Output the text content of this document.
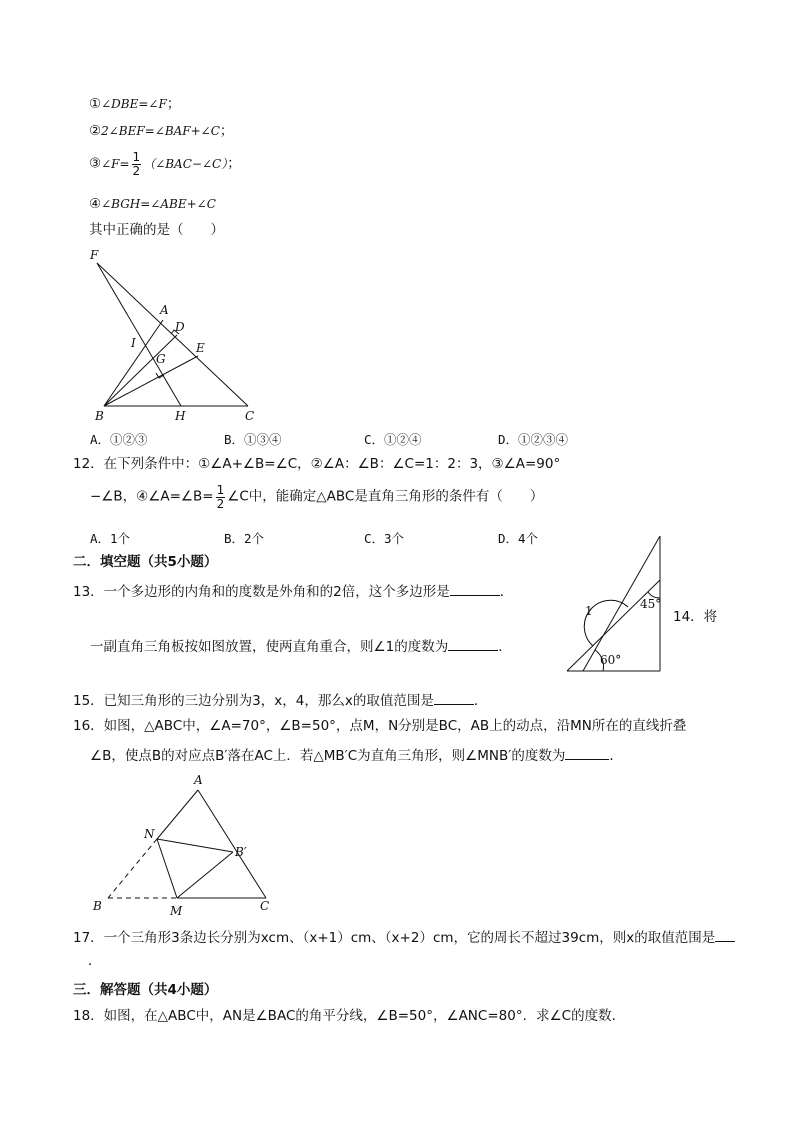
①∠DBE=∠F；
②2∠BEF=∠BAF+∠C；
③∠F= $\frac{1}{2}$ （∠BAC−∠C）；
④∠BGH=∠ABE+∠C
其中正确的是（　　）
F
A
D
I
G
E
B	H	C
A．①②③	B．①③④	C．①②④	D．①②③④
12．在下列条件中：①∠A+∠B=∠C，②∠A：∠B：∠C=1：2：3，③∠A=90°
−∠B，④∠A=∠B= $\frac{1}{2}$ ∠C中，能确定△ABC是直角三角形的条件有（　　）
A．1个	B．2个	C．3个	D．4个
二．填空题（共5小题）
13．一个多边形的内角和的度数是外角和的2倍，这个多边形是	．
一副直角三角板按如图放置，使两直角重合，则∠1的度数为	．
14．将
1	45°
60°
15．已知三角形的三边分别为3，x，4，那么x的取值范围是	．
16．如图，△ABC中，∠A=70°，∠B=50°，点M，N分别是BC，AB上的动点，沿MN所在的直线折叠
∠B，使点B的对应点B′落在AC上．若△MB′C为直角三角形，则∠MNB′的度数为	．
A
N
B′
B	M	C
17．一个三角形3条边长分别为xcm、（x+1）cm、（x+2）cm，它的周长不超过39cm，则x的取值范围是
．
三．解答题（共4小题）
18．如图，在△ABC中，AN是∠BAC的角平分线，∠B=50°，∠ANC=80°．求∠C的度数．
